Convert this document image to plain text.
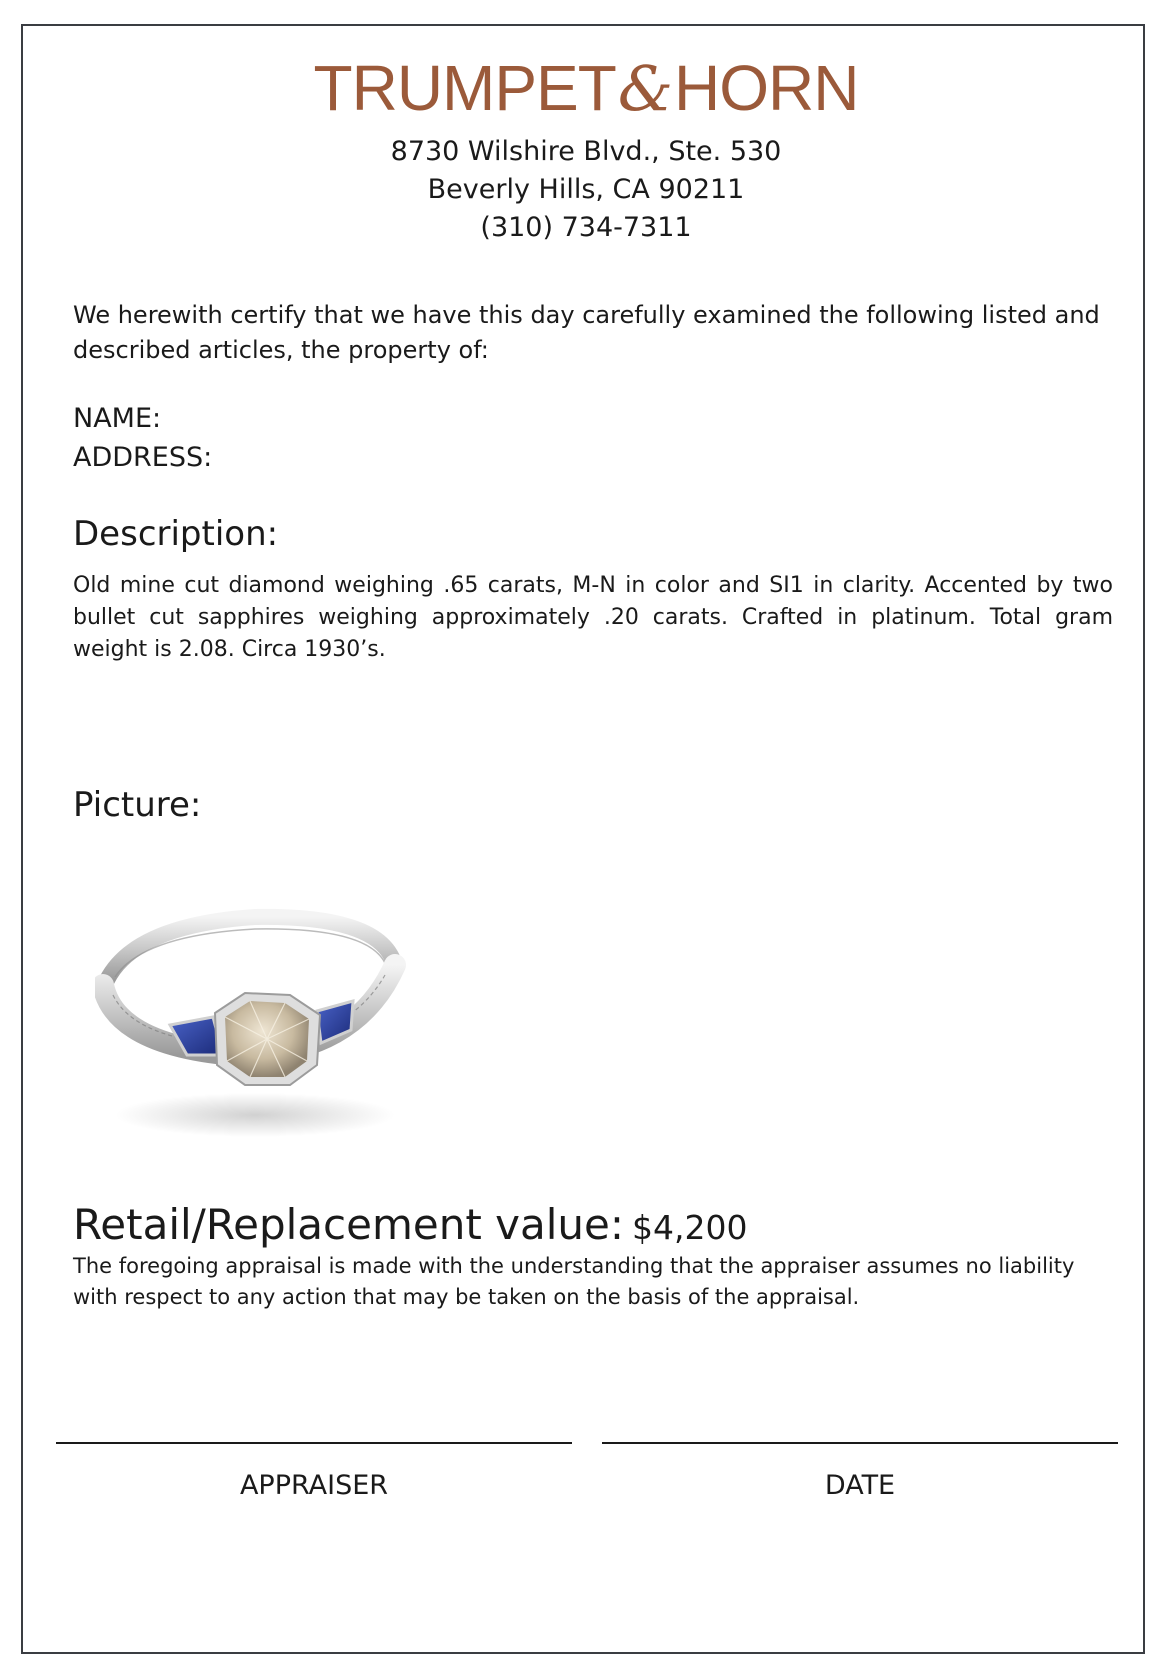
TRUMPET&HORN
8730 Wilshire Blvd., Ste. 530
Beverly Hills, CA 90211
(310) 734-7311
We herewith certify that we have this day carefully examined the following listed and described articles, the property of:
NAME:
ADDRESS:
Description:
Old mine cut diamond weighing .65 carats, M-N in color and SI1 in clarity. Accented by two bullet cut sapphires weighing approximately .20 carats. Crafted in platinum. Total gram weight is 2.08. Circa 1930’s.
Picture:
Retail/Replacement value: $4,200
The foregoing appraisal is made with the understanding that the appraiser assumes no liability with respect to any action that may be taken on the basis of the appraisal.
APPRAISER	DATE
